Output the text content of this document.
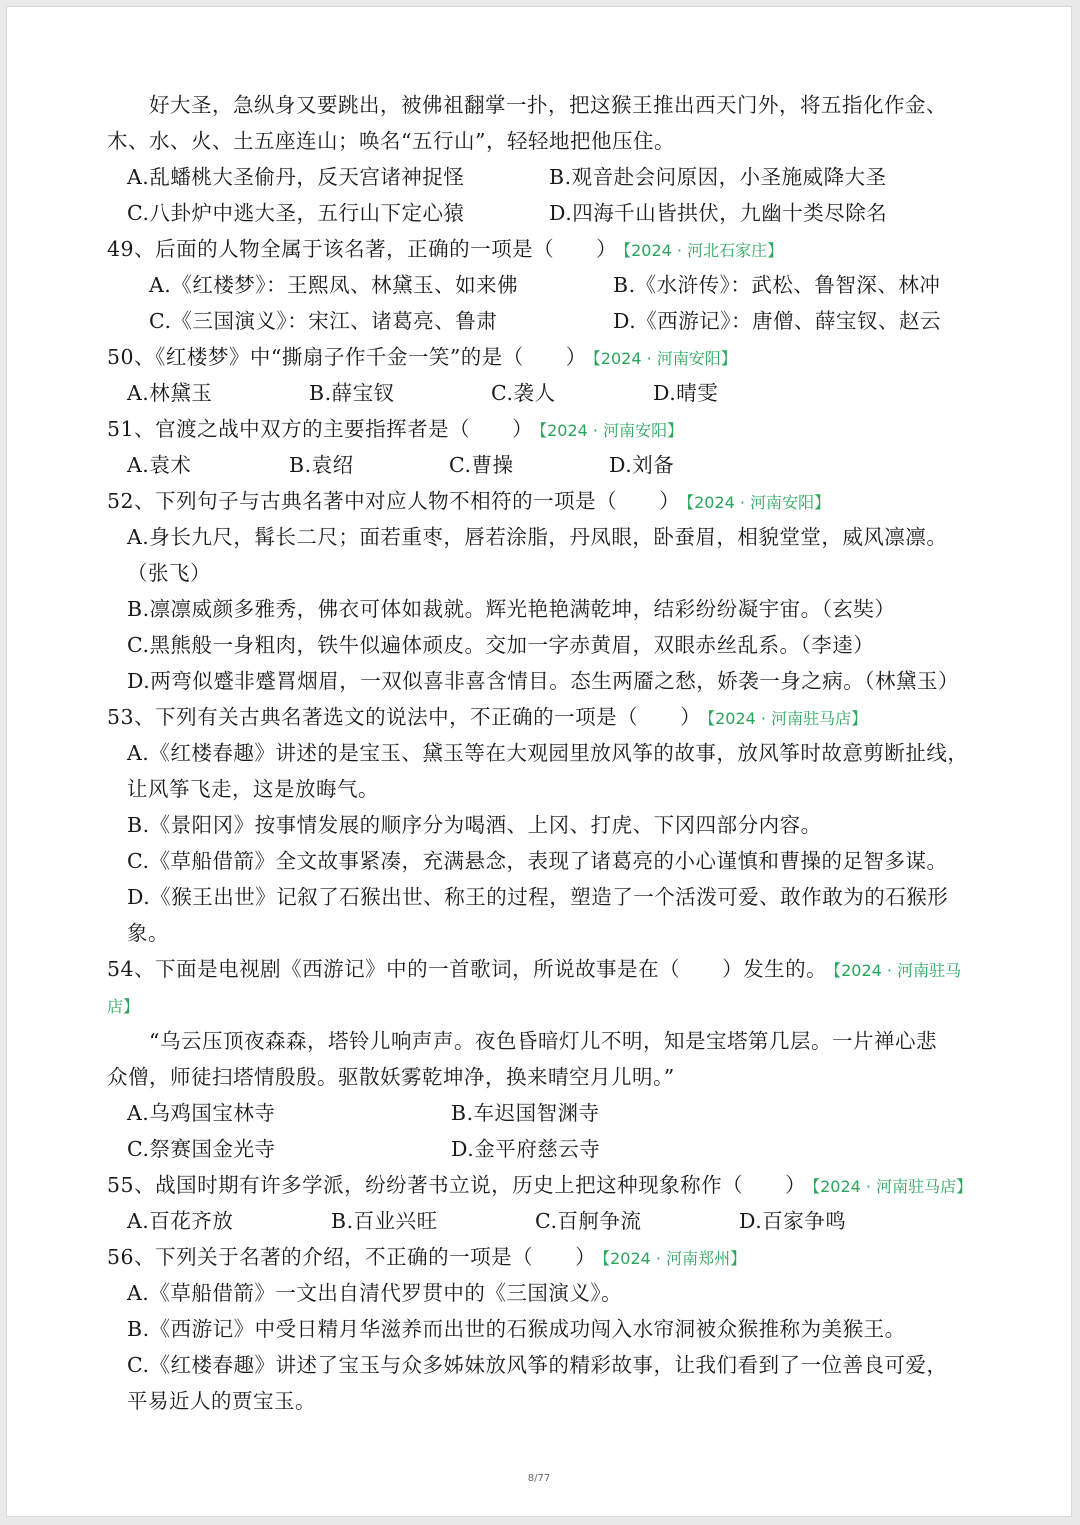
好大圣，急纵身又要跳出，被佛祖翻掌一扑，把这猴王推出西天门外，将五指化作金、
木、水、火、土五座连山；唤名“五行山”，轻轻地把他压住。
A.乱蟠桃大圣偷丹，反天宫诸神捉怪	B.观音赴会问原因，小圣施威降大圣
C.八卦炉中逃大圣，五行山下定心猿	D.四海千山皆拱伏，九幽十类尽除名
49、后面的人物全属于该名著，正确的一项是（　　） 【2024 · 河北石家庄】
A.《红楼梦》：王熙凤、林黛玉、如来佛	B.《水浒传》：武松、鲁智深、林冲
C.《三国演义》：宋江、诸葛亮、鲁肃	D.《西游记》：唐僧、薛宝钗、赵云
50、《红楼梦》中“撕扇子作千金一笑”的是（　　） 【2024 · 河南安阳】
A.林黛玉	B.薛宝钗	C.袭人	D.晴雯
51、官渡之战中双方的主要指挥者是（　　） 【2024 · 河南安阳】
A.袁术	B.袁绍	C.曹操	D.刘备
52、下列句子与古典名著中对应人物不相符的一项是（　　） 【2024 · 河南安阳】
A.身长九尺，髯长二尺；面若重枣，唇若涂脂，丹凤眼，卧蚕眉，相貌堂堂，威风凛凛。
（张飞）
B.凛凛威颜多雅秀，佛衣可体如裁就。辉光艳艳满乾坤，结彩纷纷凝宇宙。（玄奘）
C.黑熊般一身粗肉，铁牛似遍体顽皮。交加一字赤黄眉，双眼赤丝乱系。（李逵）
D.两弯似蹙非蹙罥烟眉，一双似喜非喜含情目。态生两靥之愁，娇袭一身之病。（林黛玉）
53、下列有关古典名著选文的说法中，不正确的一项是（　　） 【2024 · 河南驻马店】
A.《红楼春趣》讲述的是宝玉、黛玉等在大观园里放风筝的故事，放风筝时故意剪断扯线，
让风筝飞走，这是放晦气。
B.《景阳冈》按事情发展的顺序分为喝酒、上冈、打虎、下冈四部分内容。
C.《草船借箭》全文故事紧凑，充满悬念，表现了诸葛亮的小心谨慎和曹操的足智多谋。
D.《猴王出世》记叙了石猴出世、称王的过程，塑造了一个活泼可爱、敢作敢为的石猴形
象。
54、下面是电视剧《西游记》中的一首歌词，所说故事是在（　　）发生的。 【2024 · 河南驻马
店】
“乌云压顶夜森森，塔铃儿响声声。夜色昏暗灯儿不明，知是宝塔第几层。一片禅心悲
众僧，师徒扫塔情殷殷。驱散妖雾乾坤净，换来晴空月儿明。”
A.乌鸡国宝林寺	B.车迟国智渊寺
C.祭赛国金光寺	D.金平府慈云寺
55、战国时期有许多学派，纷纷著书立说，历史上把这种现象称作（　　） 【2024 · 河南驻马店】
A.百花齐放	B.百业兴旺	C.百舸争流	D.百家争鸣
56、下列关于名著的介绍，不正确的一项是（　　） 【2024 · 河南郑州】
A.《草船借箭》一文出自清代罗贯中的《三国演义》。
B.《西游记》中受日精月华滋养而出世的石猴成功闯入水帘洞被众猴推称为美猴王。
C.《红楼春趣》讲述了宝玉与众多姊妹放风筝的精彩故事，让我们看到了一位善良可爱，
平易近人的贾宝玉。
8/77
